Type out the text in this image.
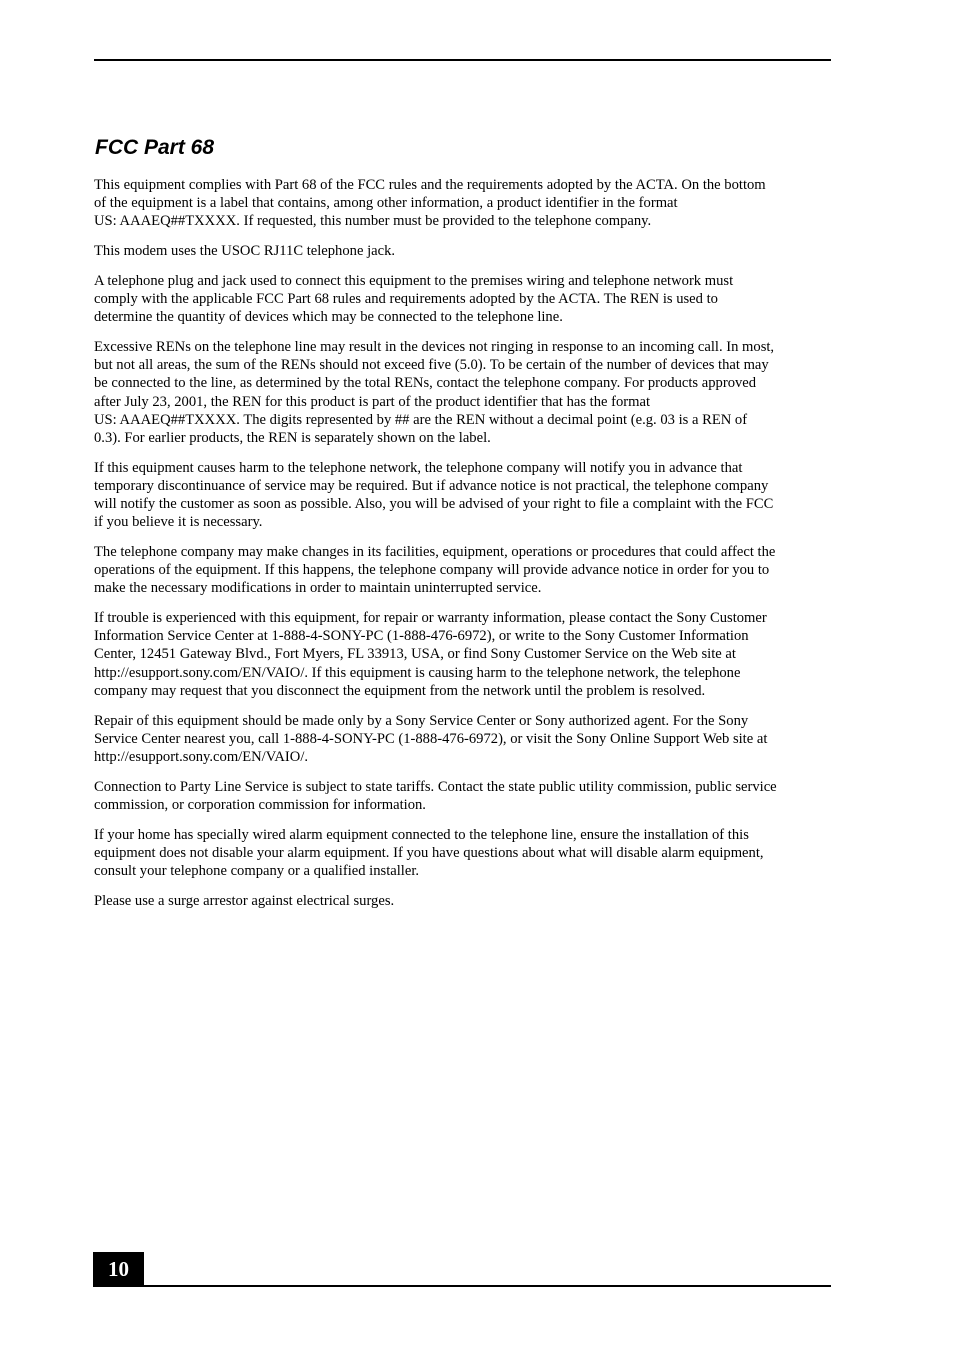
FCC Part 68

This equipment complies with Part 68 of the FCC rules and the requirements adopted by the ACTA. On the bottom
of the equipment is a label that contains, among other information, a product identifier in the format
US: AAAEQ##TXXXX. If requested, this number must be provided to the telephone company.

This modem uses the USOC RJ11C telephone jack.

A telephone plug and jack used to connect this equipment to the premises wiring and telephone network must
comply with the applicable FCC Part 68 rules and requirements adopted by the ACTA. The REN is used to
determine the quantity of devices which may be connected to the telephone line.

Excessive RENs on the telephone line may result in the devices not ringing in response to an incoming call. In most,
but not all areas, the sum of the RENs should not exceed five (5.0). To be certain of the number of devices that may
be connected to the line, as determined by the total RENs, contact the telephone company. For products approved
after July 23, 2001, the REN for this product is part of the product identifier that has the format
US: AAAEQ##TXXXX. The digits represented by ## are the REN without a decimal point (e.g. 03 is a REN of
0.3). For earlier products, the REN is separately shown on the label.

If this equipment causes harm to the telephone network, the telephone company will notify you in advance that
temporary discontinuance of service may be required. But if advance notice is not practical, the telephone company
will notify the customer as soon as possible. Also, you will be advised of your right to file a complaint with the FCC
if you believe it is necessary.

The telephone company may make changes in its facilities, equipment, operations or procedures that could affect the
operations of the equipment. If this happens, the telephone company will provide advance notice in order for you to
make the necessary modifications in order to maintain uninterrupted service.

If trouble is experienced with this equipment, for repair or warranty information, please contact the Sony Customer
Information Service Center at 1-888-4-SONY-PC (1-888-476-6972), or write to the Sony Customer Information
Center, 12451 Gateway Blvd., Fort Myers, FL 33913, USA, or find Sony Customer Service on the Web site at
http://esupport.sony.com/EN/VAIO/. If this equipment is causing harm to the telephone network, the telephone
company may request that you disconnect the equipment from the network until the problem is resolved.

Repair of this equipment should be made only by a Sony Service Center or Sony authorized agent. For the Sony
Service Center nearest you, call 1-888-4-SONY-PC (1-888-476-6972), or visit the Sony Online Support Web site at
http://esupport.sony.com/EN/VAIO/.

Connection to Party Line Service is subject to state tariffs. Contact the state public utility commission, public service
commission, or corporation commission for information.

If your home has specially wired alarm equipment connected to the telephone line, ensure the installation of this
equipment does not disable your alarm equipment. If you have questions about what will disable alarm equipment,
consult your telephone company or a qualified installer.

Please use a surge arrestor against electrical surges.

10
